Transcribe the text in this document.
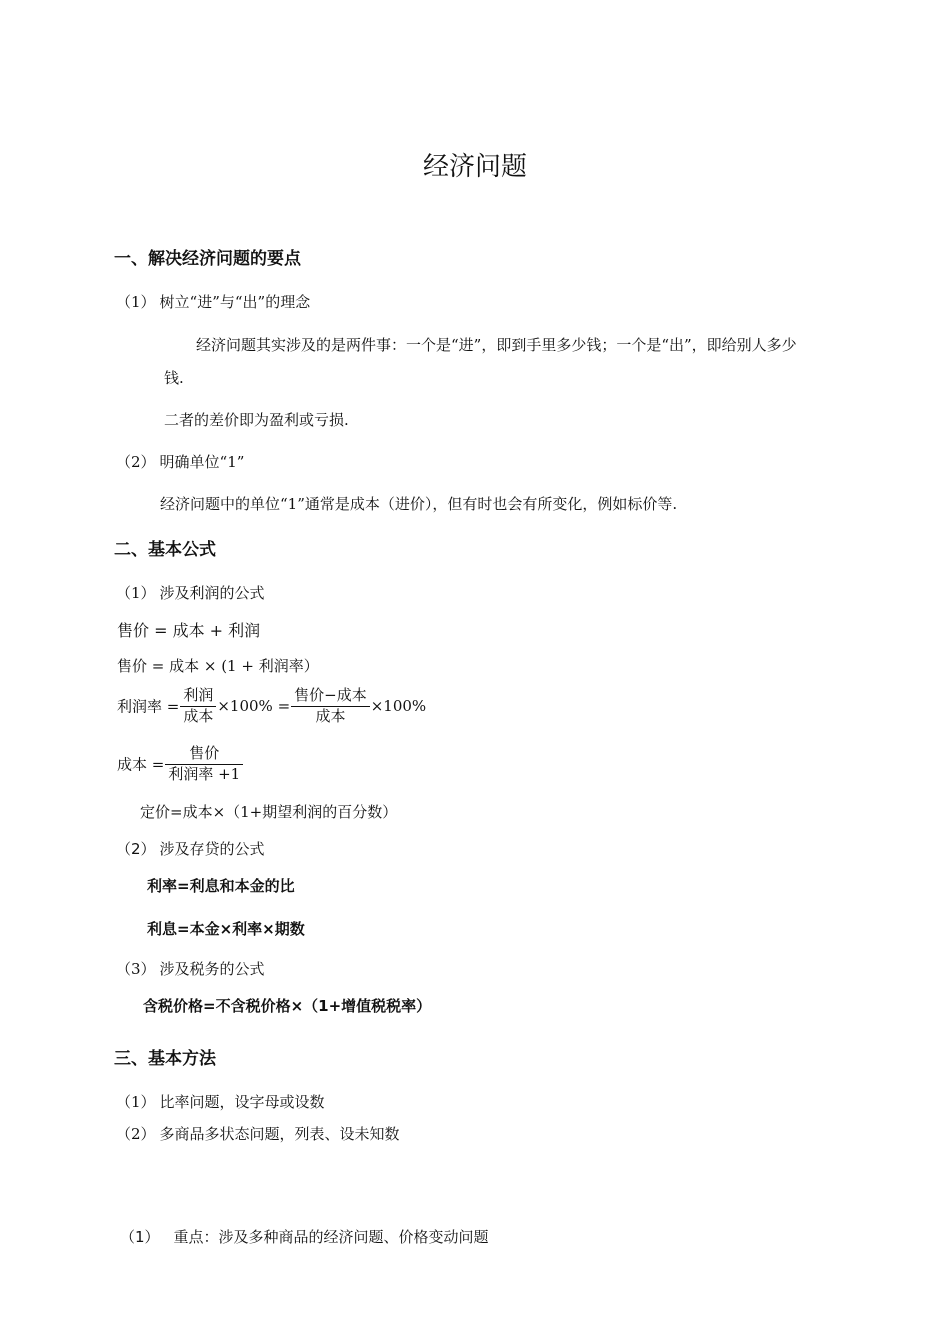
经济问题
一、解决经济问题的要点
（1） 树立“进”与“出”的理念
经济问题其实涉及的是两件事：一个是“进”，即到手里多少钱；一个是“出”，即给别人多少
钱.
二者的差价即为盈利或亏损.
（2） 明确单位“1”
经济问题中的单位“1”通常是成本（进价），但有时也会有所变化，例如标价等.
二、基本公式
（1） 涉及利润的公式
售价 = 成本 + 利润
售价 = 成本 × (1 + 利润率）
利润率 = $\frac{\text{利润}}{\text{成本}} \times 100\% = \frac{\text{售价−成本}}{\text{成本}} \times 100\%$
成本 = $\frac{\text{售价}}{\text{利润率 +1}}$
定价=成本×（1+期望利润的百分数）
（2） 涉及存贷的公式
利率=利息和本金的比
利息=本金×利率×期数
（3） 涉及税务的公式
含税价格=不含税价格×（1+增值税税率）
三、基本方法
（1） 比率问题，设字母或设数
（2） 多商品多状态问题，列表、设未知数
（1） 重点：涉及多种商品的经济问题、价格变动问题
